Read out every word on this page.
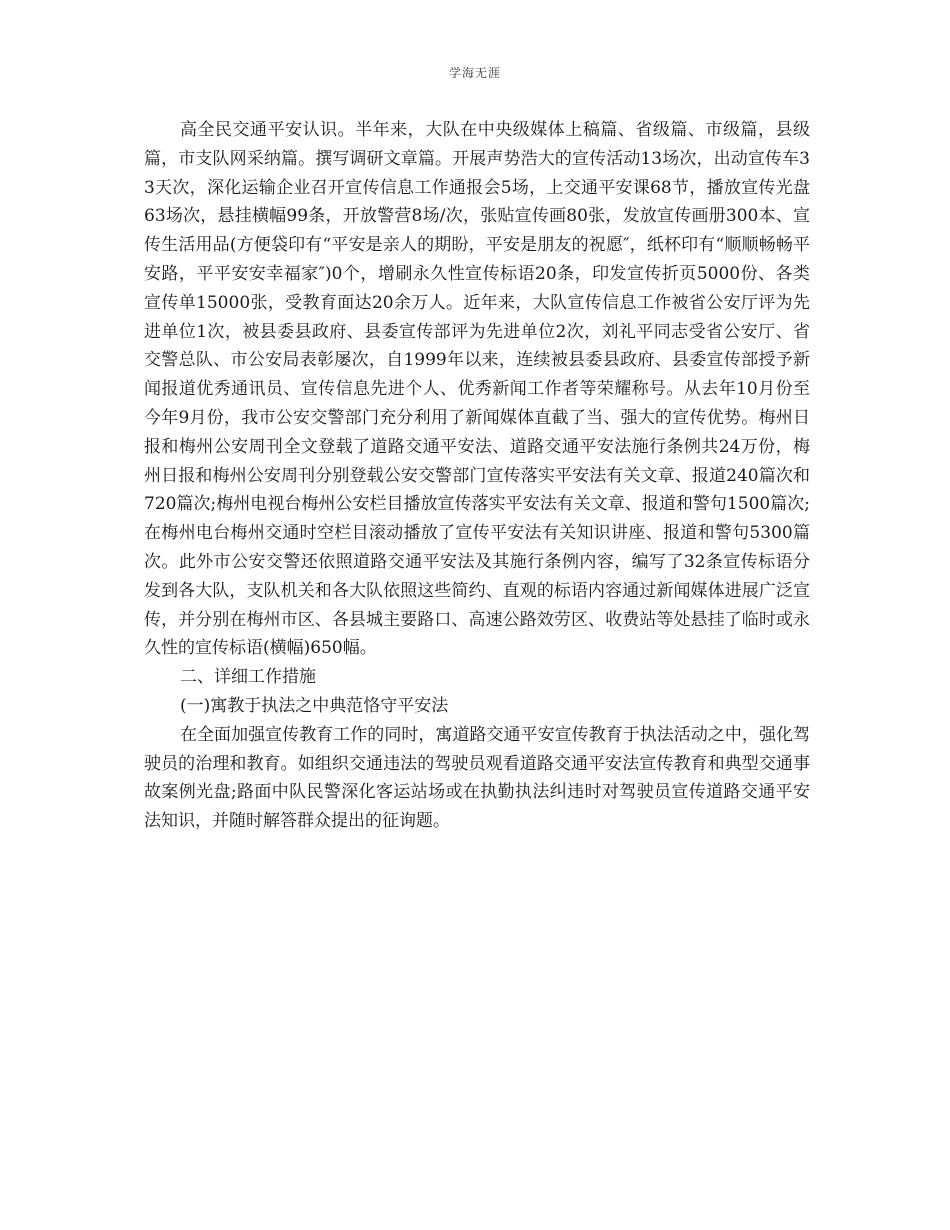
学海无涯

高全民交通平安认识。半年来，大队在中央级媒体上稿篇、省级篇、市级篇，县级篇，市支队网采纳篇。撰写调研文章篇。开展声势浩大的宣传活动13场次，出动宣传车33天次，深化运输企业召开宣传信息工作通报会5场，上交通平安课68节，播放宣传光盘63场次，悬挂横幅99条，开放警营8场/次，张贴宣传画80张，发放宣传画册300本、宣传生活用品(方便袋印有“平安是亲人的期盼，平安是朋友的祝愿″，纸杯印有“顺顺畅畅平安路，平平安安幸福家″)0个，增刷永久性宣传标语20条，印发宣传折页5000份、各类宣传单15000张，受教育面达20余万人。近年来，大队宣传信息工作被省公安厅评为先进单位1次，被县委县政府、县委宣传部评为先进单位2次，刘礼平同志受省公安厅、省交警总队、市公安局表彰屡次，自1999年以来，连续被县委县政府、县委宣传部授予新闻报道优秀通讯员、宣传信息先进个人、优秀新闻工作者等荣耀称号。从去年10月份至今年9月份，我市公安交警部门充分利用了新闻媒体直截了当、强大的宣传优势。梅州日报和梅州公安周刊全文登载了道路交通平安法、道路交通平安法施行条例共24万份，梅州日报和梅州公安周刊分别登载公安交警部门宣传落实平安法有关文章、报道240篇次和720篇次;梅州电视台梅州公安栏目播放宣传落实平安法有关文章、报道和警句1500篇次;在梅州电台梅州交通时空栏目滚动播放了宣传平安法有关知识讲座、报道和警句5300篇次。此外市公安交警还依照道路交通平安法及其施行条例内容，编写了32条宣传标语分发到各大队，支队机关和各大队依照这些简约、直观的标语内容通过新闻媒体进展广泛宣传，并分别在梅州市区、各县城主要路口、高速公路效劳区、收费站等处悬挂了临时或永久性的宣传标语(横幅)650幅。

二、详细工作措施

(一)寓教于执法之中典范恪守平安法

在全面加强宣传教育工作的同时，寓道路交通平安宣传教育于执法活动之中，强化驾驶员的治理和教育。如组织交通违法的驾驶员观看道路交通平安法宣传教育和典型交通事故案例光盘;路面中队民警深化客运站场或在执勤执法纠违时对驾驶员宣传道路交通平安法知识，并随时解答群众提出的征询题。
